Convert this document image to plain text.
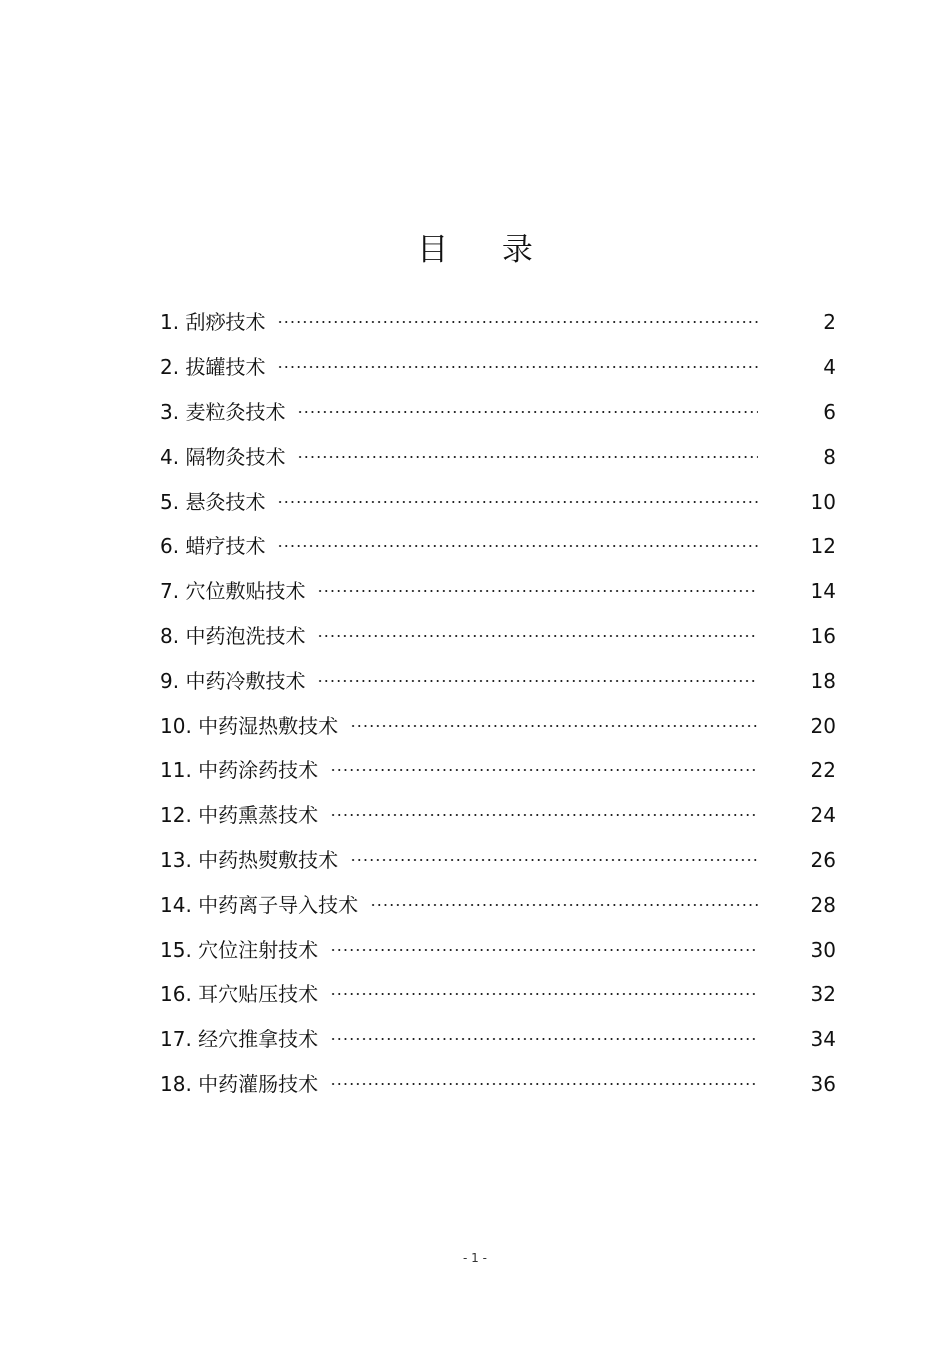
目 录
1. 刮痧技术	2
2. 拔罐技术	4
3. 麦粒灸技术	6
4. 隔物灸技术	8
5. 悬灸技术	10
6. 蜡疗技术	12
7. 穴位敷贴技术	14
8. 中药泡洗技术	16
9. 中药冷敷技术	18
10. 中药湿热敷技术	20
11. 中药涂药技术	22
12. 中药熏蒸技术	24
13. 中药热熨敷技术	26
14. 中药离子导入技术	28
15. 穴位注射技术	30
16. 耳穴贴压技术	32
17. 经穴推拿技术	34
18. 中药灌肠技术	36
- 1 -
